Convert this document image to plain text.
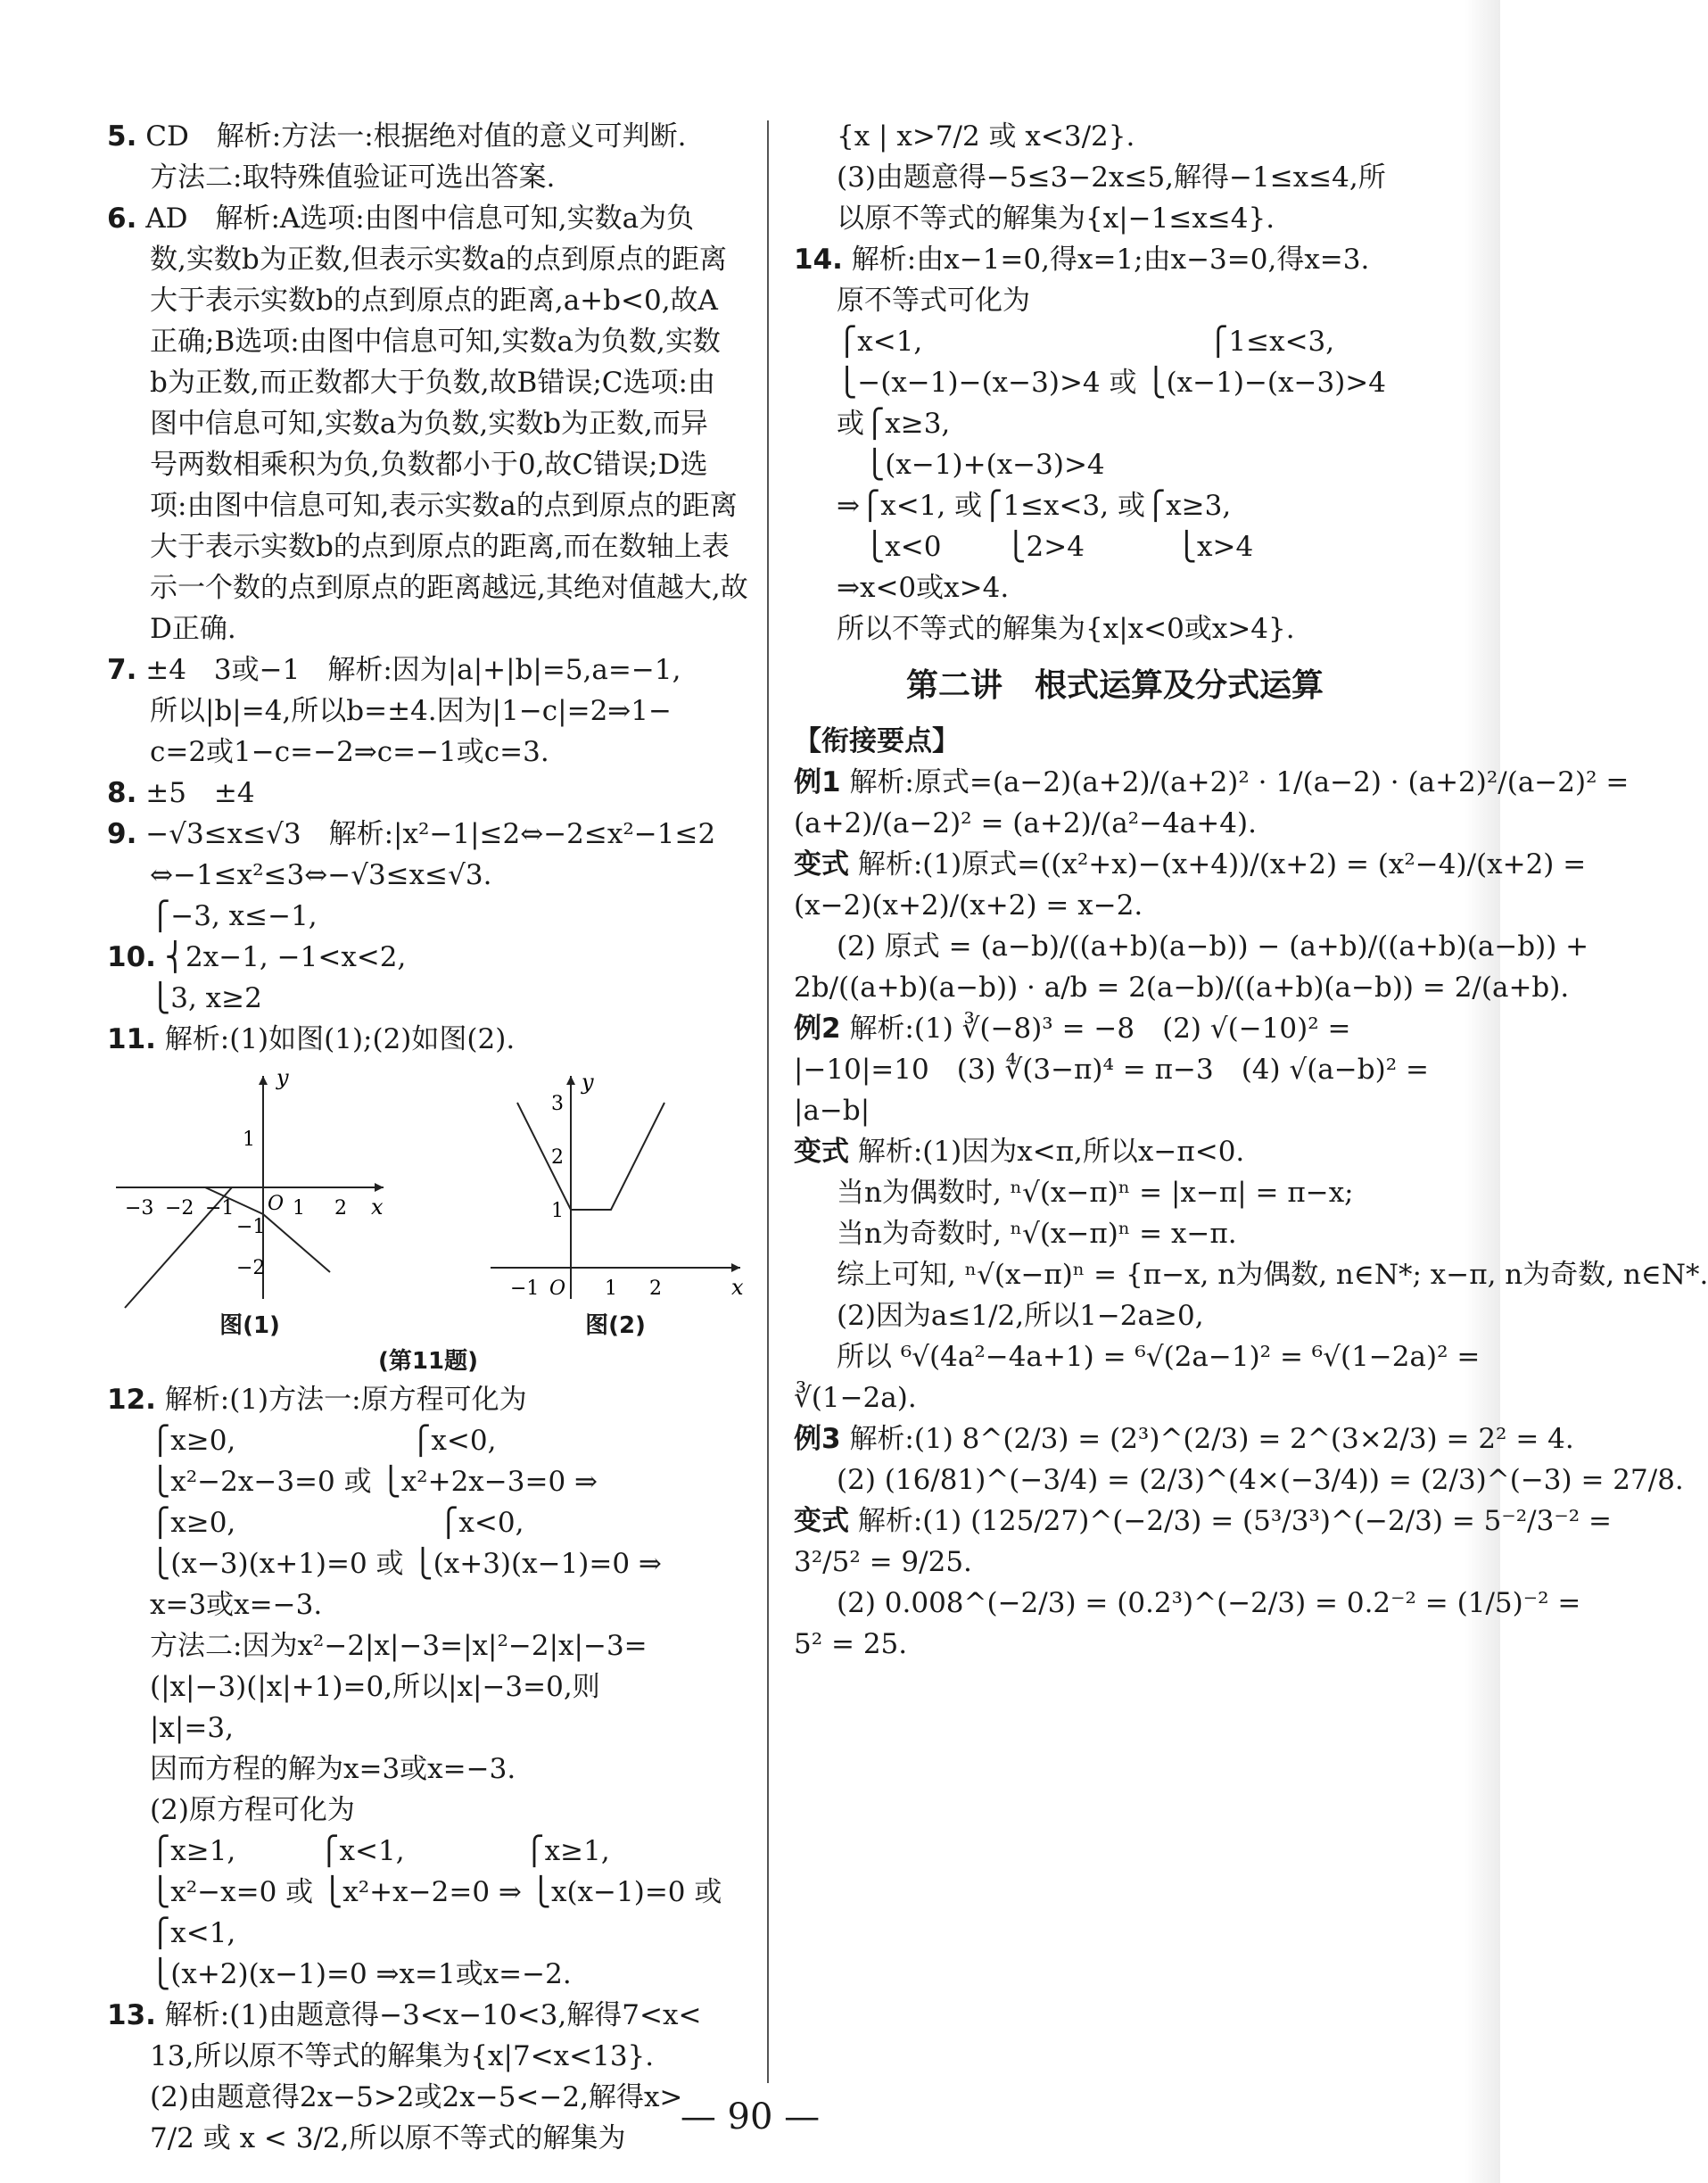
5. CD　解析:方法一:根据绝对值的意义可判断.
方法二:取特殊值验证可选出答案.
6. AD　解析:A选项:由图中信息可知,实数a为负
数,实数b为正数,但表示实数a的点到原点的距离
大于表示实数b的点到原点的距离,a+b<0,故A
正确;B选项:由图中信息可知,实数a为负数,实数
b为正数,而正数都大于负数,故B错误;C选项:由
图中信息可知,实数a为负数,实数b为正数,而异
号两数相乘积为负,负数都小于0,故C错误;D选
项:由图中信息可知,表示实数a的点到原点的距离
大于表示实数b的点到原点的距离,而在数轴上表
示一个数的点到原点的距离越远,其绝对值越大,故
D正确.
7. ±4　3或−1　解析:因为|a|+|b|=5,a=−1,
所以|b|=4,所以b=±4.因为|1−c|=2⇒1−
c=2或1−c=−2⇒c=−1或c=3.
8. ±5　±4
9. −√3≤x≤√3　解析:|x²−1|≤2⇔−2≤x²−1≤2
⇔−1≤x²≤3⇔−√3≤x≤√3.
⎧−3, x≤−1,
10. ⎨2x−1, −1<x<2,
⎩3, x≥2
11. 解析:(1)如图(1);(2)如图(2).
y
x
O
−3 −2 −1	1 2
1
−1
−2
图(1)
y
x
O
−1	1 2
1
2
3
图(2)
(第11题)
12. 解析:(1)方法一:原方程可化为
⎧x≥0,　　　　　　 ⎧x<0,
⎩x²−2x−3=0 或 ⎩x²+2x−3=0 ⇒
⎧x≥0,　　　　　　　 ⎧x<0,
⎩(x−3)(x+1)=0 或 ⎩(x+3)(x−1)=0 ⇒
x=3或x=−3.
方法二:因为x²−2|x|−3=|x|²−2|x|−3=
(|x|−3)(|x|+1)=0,所以|x|−3=0,则
|x|=3,
因而方程的解为x=3或x=−3.
(2)原方程可化为
⎧x≥1,　　　⎧x<1,　　　　 ⎧x≥1,
⎩x²−x=0 或 ⎩x²+x−2=0 ⇒ ⎩x(x−1)=0 或
⎧x<1,
⎩(x+2)(x−1)=0 ⇒x=1或x=−2.
13. 解析:(1)由题意得−3<x−10<3,解得7<x<
13,所以原不等式的解集为{x|7<x<13}.
(2)由题意得2x−5>2或2x−5<−2,解得x>
7/2 或 x < 3/2,所以原不等式的解集为
{x | x>7/2 或 x<3/2}.
(3)由题意得−5≤3−2x≤5,解得−1≤x≤4,所
以原不等式的解集为{x|−1≤x≤4}.
14. 解析:由x−1=0,得x=1;由x−3=0,得x=3.
原不等式可化为
⎧x<1,　　　　　　　　　　 ⎧1≤x<3,
⎩−(x−1)−(x−3)>4 或 ⎩(x−1)−(x−3)>4
或⎧x≥3,
　⎩(x−1)+(x−3)>4
⇒⎧x<1, 或⎧1≤x<3, 或⎧x≥3,
　⎩x<0　　 ⎩2>4　　　 ⎩x>4
⇒x<0或x>4.
所以不等式的解集为{x|x<0或x>4}.
第二讲　根式运算及分式运算
【衔接要点】
例1 解析:原式=(a−2)(a+2)/(a+2)² · 1/(a−2) · (a+2)²/(a−2)² =
(a+2)/(a−2)² = (a+2)/(a²−4a+4).
变式 解析:(1)原式=((x²+x)−(x+4))/(x+2) = (x²−4)/(x+2) =
(x−2)(x+2)/(x+2) = x−2.
(2) 原式 = (a−b)/((a+b)(a−b)) − (a+b)/((a+b)(a−b)) +
2b/((a+b)(a−b)) · a/b = 2(a−b)/((a+b)(a−b)) = 2/(a+b).
例2 解析:(1) ∛(−8)³ = −8　(2) √(−10)² =
|−10|=10　(3) ∜(3−π)⁴ = π−3　(4) √(a−b)² =
|a−b|
变式 解析:(1)因为x<π,所以x−π<0.
当n为偶数时, ⁿ√(x−π)ⁿ = |x−π| = π−x;
当n为奇数时, ⁿ√(x−π)ⁿ = x−π.
综上可知, ⁿ√(x−π)ⁿ = {π−x, n为偶数, n∈N*; x−π, n为奇数, n∈N*.
(2)因为a≤1/2,所以1−2a≥0,
所以 ⁶√(4a²−4a+1) = ⁶√(2a−1)² = ⁶√(1−2a)² =
∛(1−2a).
例3 解析:(1) 8^(2/3) = (2³)^(2/3) = 2^(3×2/3) = 2² = 4.
(2) (16/81)^(−3/4) = (2/3)^(4×(−3/4)) = (2/3)^(−3) = 27/8.
变式 解析:(1) (125/27)^(−2/3) = (5³/3³)^(−2/3) = 5⁻²/3⁻² =
3²/5² = 9/25.
(2) 0.008^(−2/3) = (0.2³)^(−2/3) = 0.2⁻² = (1/5)⁻² =
5² = 25.
— 90 —
